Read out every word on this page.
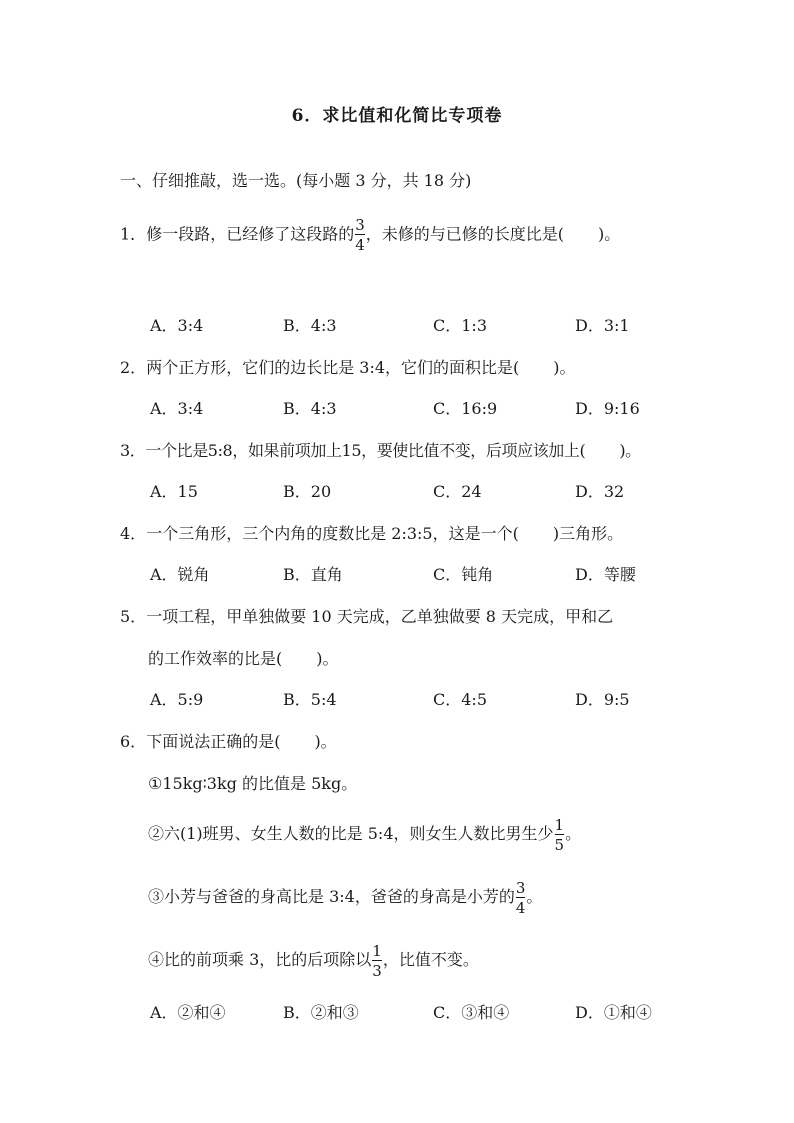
6．求比值和化简比专项卷
一、仔细推敲，选一选。(每小题 3 分，共 18 分)
1．修一段路，已经修了这段路的 $\frac{3}{4}$ ，未修的与已修的长度比是( )。
A．3:4	B．4:3	C．1:3	D．3:1
2．两个正方形，它们的边长比是 3:4，它们的面积比是( )。
A．3:4	B．4:3	C．16:9	D．9:16
3．一个比是5:8，如果前项加上15，要使比值不变，后项应该加上( )。
A．15	B．20	C．24	D．32
4．一个三角形，三个内角的度数比是 2:3:5，这是一个( )三角形。
A．锐角	B．直角	C．钝角	D．等腰
5．一项工程，甲单独做要 10 天完成，乙单独做要 8 天完成，甲和乙
的工作效率的比是( )。
A．5:9	B．5:4	C．4:5	D．9:5
6．下面说法正确的是( )。
①15kg∶3kg 的比值是 5kg。
②六(1)班男、女生人数的比是 5:4，则女生人数比男生少 $\frac{1}{5}$ 。
③小芳与爸爸的身高比是 3:4，爸爸的身高是小芳的 $\frac{3}{4}$ 。
④比的前项乘 3，比的后项除以 $\frac{1}{3}$ ，比值不变。
A．②和④	B．②和③	C．③和④	D．①和④
